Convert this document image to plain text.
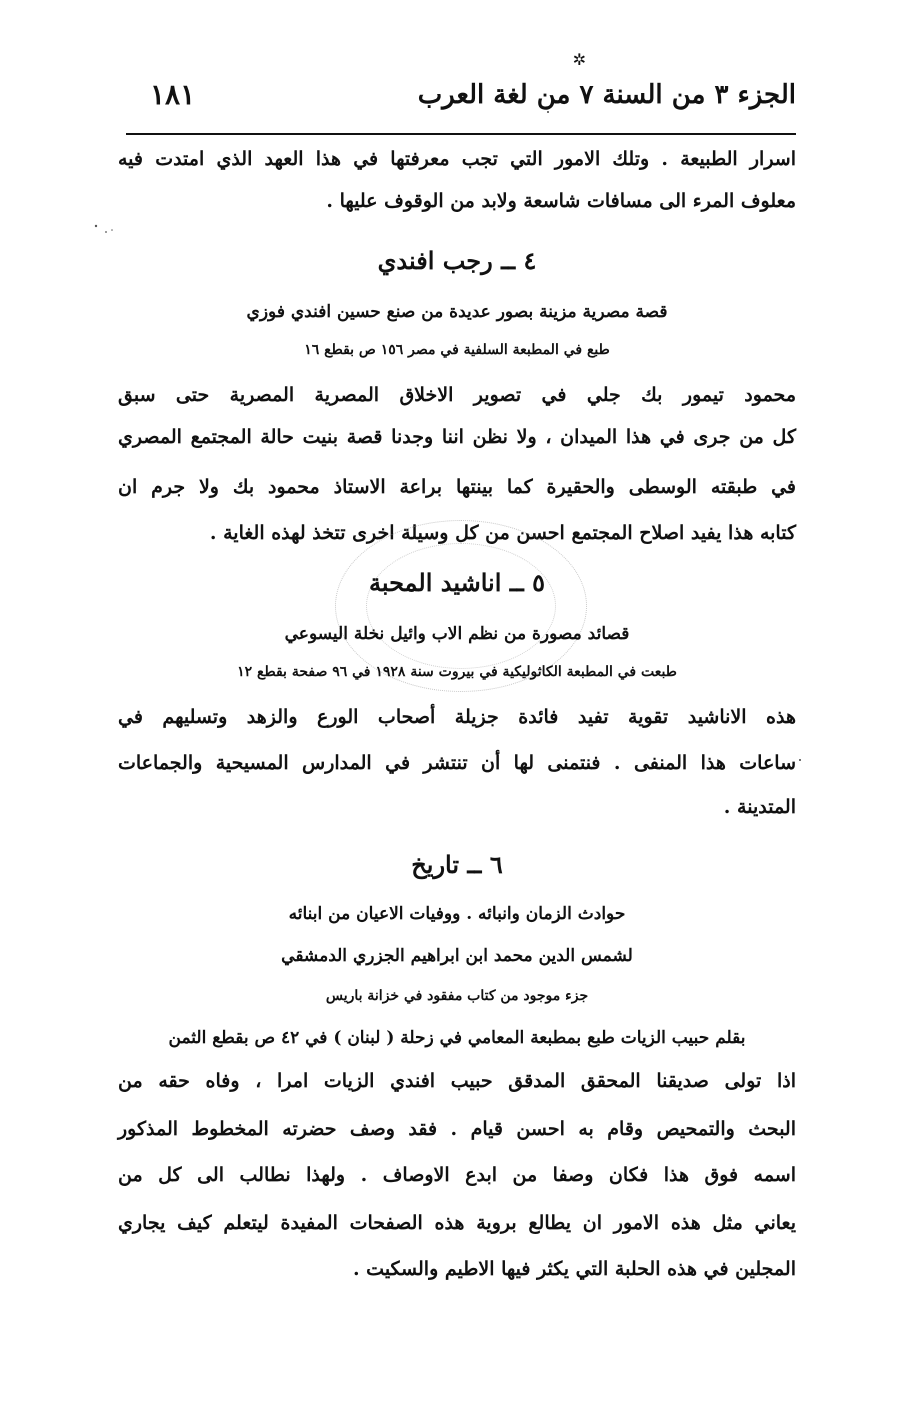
✲
الجزء ٣ من السنة ٧ من لغة العرب
١٨١
اسرار الطبيعة . وتلك الامور التي تجب معرفتها في هذا العهد الذي امتدت فيه
معلوف المرء الى مسافات شاسعة ولابد من الوقوف عليها .
٤ ــ رجب افندي
قصة مصرية مزينة بصور عديدة من صنع حسين افندي فوزي
طبع في المطبعة السلفية في مصر ١٥٦ ص بقطع ١٦
محمود تيمور بك جلي في تصوير الاخلاق المصرية المصرية حتى سبق
كل من جرى في هذا الميدان ، ولا نظن اننا وجدنا قصة بنيت حالة المجتمع المصري
في طبقته الوسطى والحقيرة كما بينتها براعة الاستاذ محمود بك ولا جرم ان
كتابه هذا يفيد اصلاح المجتمع احسن من كل وسيلة اخرى تتخذ لهذه الغاية .
٥ ــ اناشيد المحبة
قصائد مصورة من نظم الاب وائيل نخلة اليسوعي
طبعت في المطبعة الكاثوليكية في بيروت سنة ١٩٢٨ في ٩٦ صفحة بقطع ١٢
هذه الاناشيد تقوية تفيد فائدة جزيلة أصحاب الورع والزهد وتسليهم في
ساعات هذا المنفى . فنتمنى لها أن تنتشر في المدارس المسيحية والجماعات
المتدينة .
٦ ــ تاريخ
حوادث الزمان وانبائه . ووفيات الاعيان من ابنائه
لشمس الدين محمد ابن ابراهيم الجزري الدمشقي
جزء موجود من كتاب مفقود في خزانة باريس
بقلم حبيب الزيات طبع بمطبعة المعامي في زحلة ( لبنان ) في ٤٢ ص بقطع الثمن
اذا تولى صديقنا المحقق المدقق حبيب افندي الزيات امرا ، وفاه حقه من
البحث والتمحيص وقام به احسن قيام . فقد وصف حضرته المخطوط المذكور
اسمه فوق هذا فكان وصفا من ابدع الاوصاف . ولهذا نطالب الى كل من
يعاني مثل هذه الامور ان يطالع بروية هذه الصفحات المفيدة ليتعلم كيف يجاري
المجلين في هذه الحلبة التي يكثر فيها الاطيم والسكيت .
